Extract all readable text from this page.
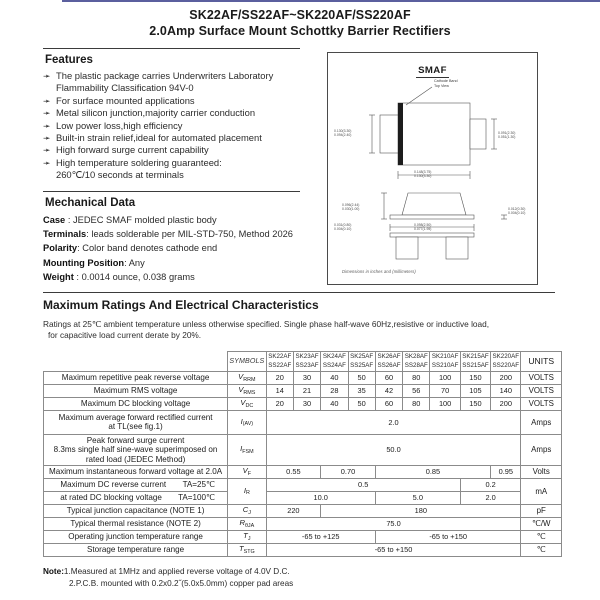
SK22AF/SS22AF~SK220AF/SS220AF
2.0Amp Surface Mount Schottky Barrier Rectifiers
Features
➛ The plastic package carries Underwriters Laboratory
Flammability Classification 94V-0
➛ For surface mounted applications
➛ Metal silicon junction,majority carrier conduction
➛ Low power loss,high efficiency
➛ Built-in strain relief,ideal for automated placement
➛ High forward surge current capability
➛ High temperature soldering guaranteed:
260℃/10 seconds at terminals
Mechanical Data
Case : JEDEC SMAF molded plastic body
Terminals: leads solderable per MIL-STD-750, Method 2026
Polarity: Color band denotes cathode end
Mounting Position: Any
Weight : 0.0014 ounce, 0.038 grams
SMAF
Cathode Band
Top View
0.130(3.30)
0.094(2.40)
0.091(2.30)
0.051(1.30)
0.148(3.75)
0.130(3.30)
0.096(2.44)
0.030(1.00)	0.012(0.30)
0.004(0.10)
0.031(0.80)
0.004(0.10)
0.098(2.50)
0.077(1.95)
Dimensions in inches and (millimeters)
Maximum Ratings And Electrical Characteristics
Ratings at 25℃ ambient temperature unless otherwise specified. Single phase half-wave 60Hz,resistive or inductive load,
for capacitive load current derate by 20%.
	SYMBOLS	SK22AF
SS22AF	SK23AF
SS23AF	SK24AF
SS24AF	SK25AF
SS25AF	SK26AF
SS26AF	SK28AF
SS28AF	SK210AF
SS210AF	SK215AF
SS215AF	SK220AF
SS220AF	UNITS
Maximum repetitive peak reverse voltage	VRRM	20	30	40	50	60	80	100	150	200	VOLTS
Maximum RMS voltage	VRMS	14	21	28	35	42	56	70	105	140	VOLTS
Maximum DC blocking voltage	VDC	20	30	40	50	60	80	100	150	200	VOLTS
Maximum average forward rectified current
at TL(see fig.1)	I(AV)	2.0									Amps
Peak forward surge current
8.3ms single half sine-wave superimposed on
rated load (JEDEC Method)	IFSM	50.0									Amps
Maximum instantaneous forward voltage at 2.0A	VF	0.55		0.70		0.85				0.95	Volts
Maximum DC reverse current TA=25℃	IR	0.5							0.2		mA
at rated DC blocking voltage TA=100℃		10.0				5.0			2.0		
Typical junction capacitance (NOTE 1)	CJ	220		180							pF
Typical thermal resistance (NOTE 2)	RθJA	75.0									℃/W
Operating junction temperature range	TJ	-65 to +125				-65 to +150					℃
Storage temperature range	TSTG	-65 to +150									℃
Note:1.Measured at 1MHz and applied reverse voltage of 4.0V D.C.
2.P.C.B. mounted with 0.2x0.2˝(5.0x5.0mm) copper pad areas
